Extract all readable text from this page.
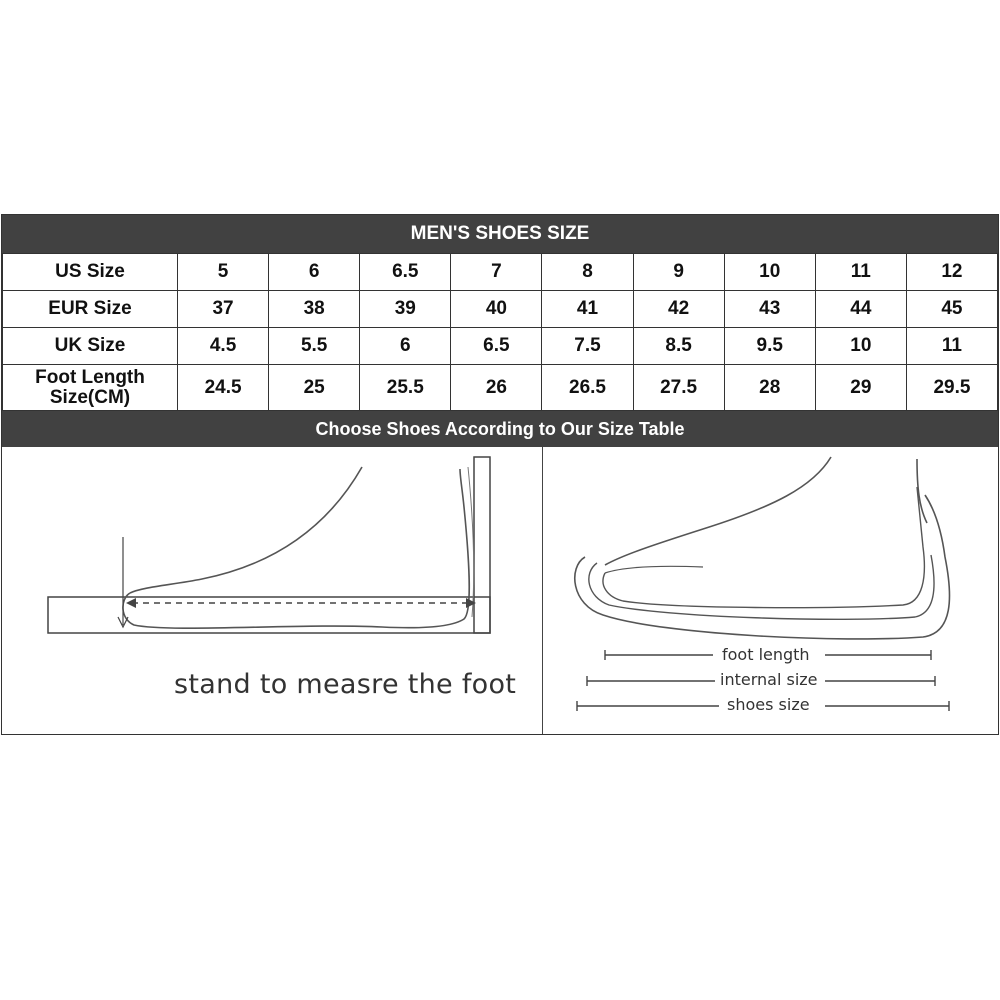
MEN'S SHOES SIZE
US Size	5	6	6.5	7	8	9	10	11	12
EUR Size	37	38	39	40	41	42	43	44	45
UK Size	4.5	5.5	6	6.5	7.5	8.5	9.5	10	11
Foot Length Size(CM)	24.5	25	25.5	26	26.5	27.5	28	29	29.5
Choose Shoes According to Our Size Table
stand to measre the foot
foot length
internal size
shoes size
